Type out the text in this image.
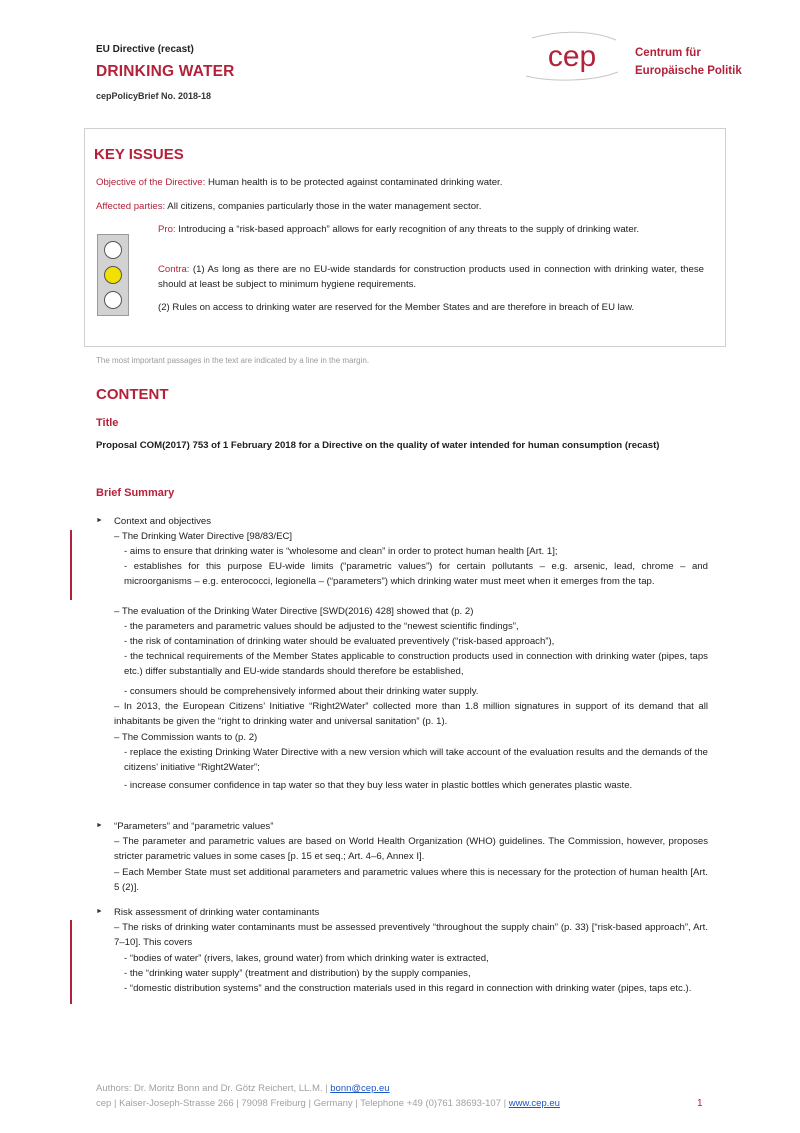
EU Directive (recast)
DRINKING WATER
cepPolicyBrief No. 2018-18
cep	Centrum für
Europäische Politik
KEY ISSUES
Objective of the Directive: Human health is to be protected against contaminated drinking water.
Affected parties: All citizens, companies particularly those in the water management sector.
Pro: Introducing a “risk-based approach” allows for early recognition of any threats to the supply of drinking water.
Contra: (1) As long as there are no EU-wide standards for construction products used in connection with drinking water, these should at least be subject to minimum hygiene requirements.
(2) Rules on access to drinking water are reserved for the Member States and are therefore in breach of EU law.
The most important passages in the text are indicated by a line in the margin.
CONTENT
Title
Proposal COM(2017) 753 of 1 February 2018 for a Directive on the quality of water intended for human consumption (recast)
Brief Summary
► Context and objectives
– The Drinking Water Directive [98/83/EC]
- aims to ensure that drinking water is “wholesome and clean” in order to protect human health [Art. 1];
- establishes for this purpose EU-wide limits (“parametric values”) for certain pollutants – e.g. arsenic, lead, chrome – and microorganisms – e.g. enterococci, legionella – (“parameters”) which drinking water must meet when it emerges from the tap.
– The evaluation of the Drinking Water Directive [SWD(2016) 428] showed that (p. 2)
- the parameters and parametric values should be adjusted to the “newest scientific findings”,
- the risk of contamination of drinking water should be evaluated preventively (“risk-based approach”),
- the technical requirements of the Member States applicable to construction products used in connection with drinking water (pipes, taps etc.) differ substantially and EU-wide standards should therefore be established,
- consumers should be comprehensively informed about their drinking water supply.
– In 2013, the European Citizens’ Initiative “Right2Water” collected more than 1.8 million signatures in support of its demand that all inhabitants be given the “right to drinking water and universal sanitation” (p. 1).
– The Commission wants to (p. 2)
- replace the existing Drinking Water Directive with a new version which will take account of the evaluation results and the demands of the citizens’ initiative “Right2Water”;
- increase consumer confidence in tap water so that they buy less water in plastic bottles which generates plastic waste.
► “Parameters” and “parametric values”
– The parameter and parametric values are based on World Health Organization (WHO) guidelines. The Commission, however, proposes stricter parametric values in some cases [p. 15 et seq.; Art. 4–6, Annex I].
– Each Member State must set additional parameters and parametric values where this is necessary for the protection of human health [Art. 5 (2)].
► Risk assessment of drinking water contaminants
– The risks of drinking water contaminants must be assessed preventively “throughout the supply chain” (p. 33) [“risk-based approach”, Art. 7–10]. This covers
- “bodies of water” (rivers, lakes, ground water) from which drinking water is extracted,
- the “drinking water supply” (treatment and distribution) by the supply companies,
- “domestic distribution systems” and the construction materials used in this regard in connection with drinking water (pipes, taps etc.).
Authors: Dr. Moritz Bonn and Dr. Götz Reichert, LL.M. | bonn@cep.eu
cep | Kaiser-Joseph-Strasse 266 | 79098 Freiburg | Germany | Telephone +49 (0)761 38693-107 | www.cep.eu	1
